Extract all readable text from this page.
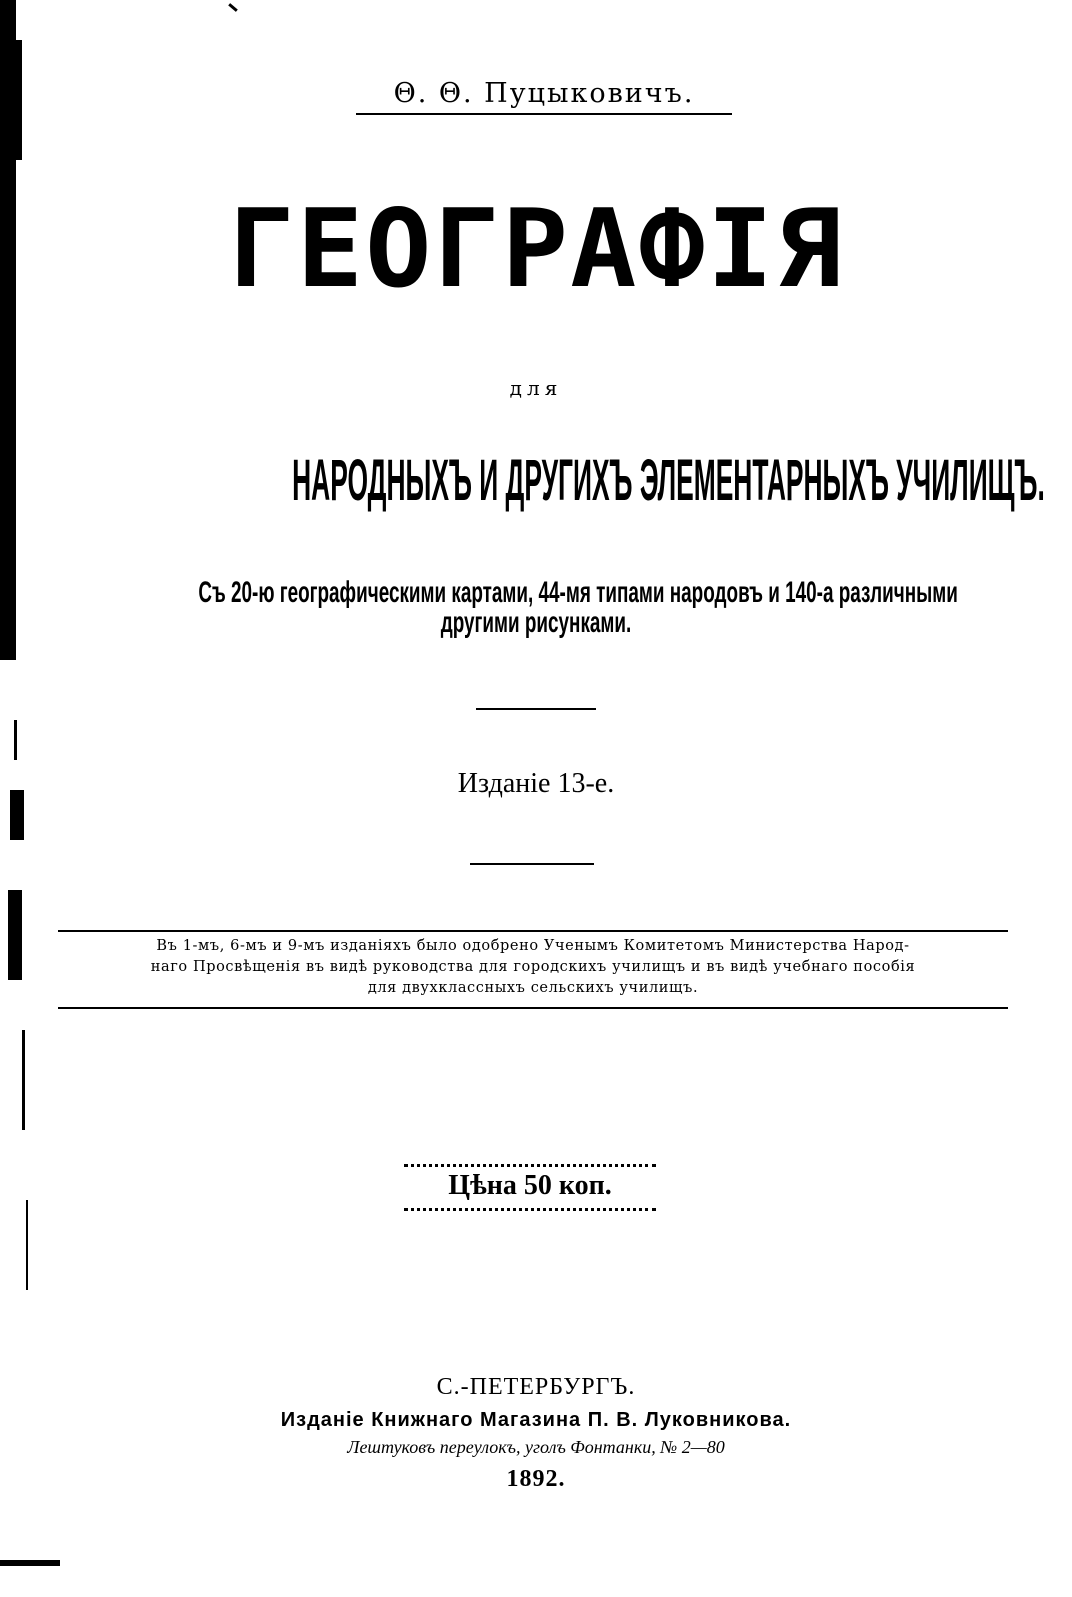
Θ. Θ. Пуцыковичъ.

ГЕОГРАФІЯ

для

НАРОДНЫХЪ И ДРУГИХЪ ЭЛЕМЕНТАРНЫХЪ УЧИЛИЩЪ.
Съ 20-ю географическими картами, 44-мя типами народовъ и 140-а различными
другими рисунками.

Изданіе 13-е.

Въ 1-мъ, 6-мъ и 9-мъ изданіяхъ было одобрено Ученымъ Комитетомъ Министерства Народ-
наго Просвѣщенія въ видѣ руководства для городскихъ училищъ и въ видѣ учебнаго пособія
для двухклассныхъ сельскихъ училищъ.
Цѣна 50 коп.

С.-ПЕТЕРБУРГЪ.

Изданіе Книжнаго Магазина П. В. Луковникова.

Лештуковъ переулокъ, уголъ Фонтанки, № 2—80

1892.
